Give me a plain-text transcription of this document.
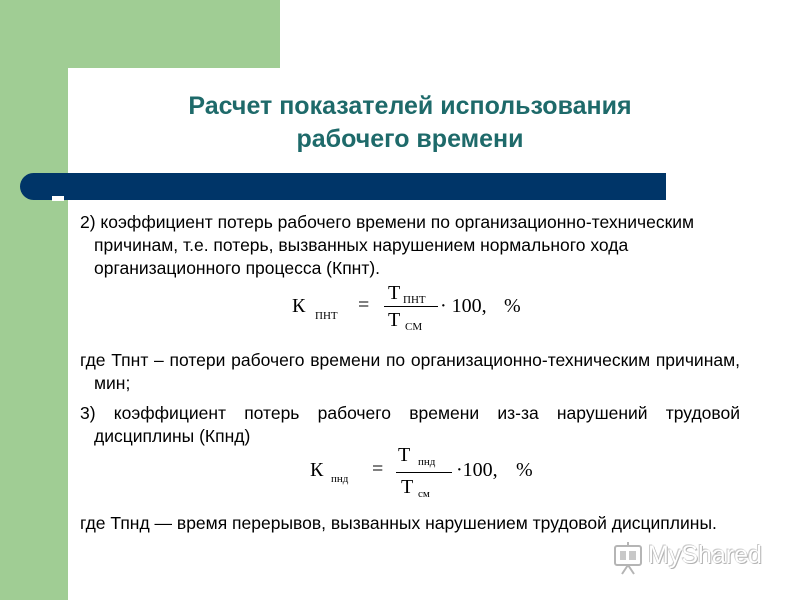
Расчет показателей использования
рабочего времени
2) коэффициент потерь рабочего времени по организационно-техническим причинам, т.е. потерь, вызванных нарушением нормального хода организационного процесса (Кпнт).
К ПНТ =
Т ПНТ
Т СМ
· 100, %
где Тпнт – потери рабочего времени по организационно-техническим причинам, мин;
3) коэффициент потерь рабочего времени из-за нарушений трудовой дисциплины (Кпнд)
К пнд =
Т пнд
Т см
·100, %
где Тпнд — время перерывов, вызванных нарушением трудовой дисциплины.
MyShared
